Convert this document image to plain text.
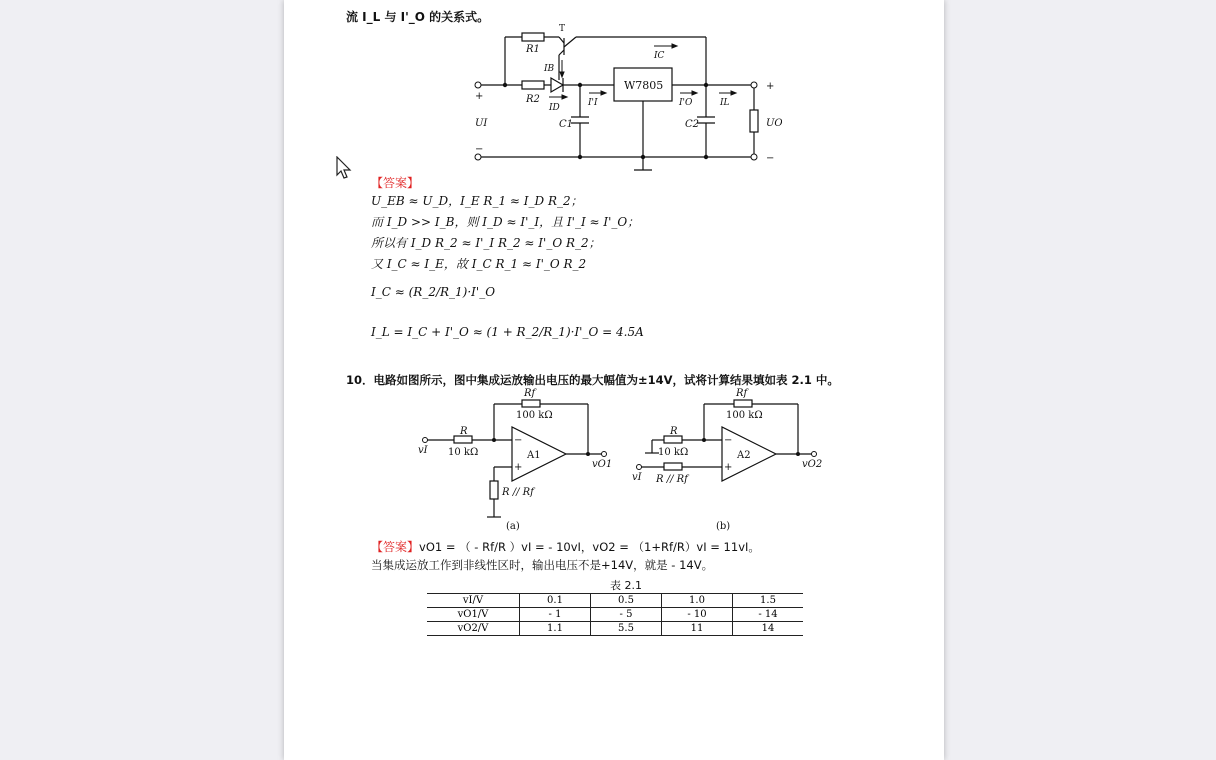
流 I_L 与 I'_O 的关系式。
T
R1
R2
IB
ID
IC
I'I	I'O	IL
W7805
C1	C2
UI	UO
+
−
+
−
【答案】
U_EB ≈ U_D，I_E R_1 ≈ I_D R_2；
而 I_D >> I_B，则 I_D ≈ I'_I，且 I'_I ≈ I'_O；
所以有 I_D R_2 ≈ I'_I R_2 ≈ I'_O R_2；
又 I_C ≈ I_E，故 I_C R_1 ≈ I'_O R_2
I_C ≈ (R_2/R_1)·I'_O
I_L = I_C + I'_O ≈ (1 + R_2/R_1)·I'_O = 4.5A
10．电路如图所示，图中集成运放输出电压的最大幅值为±14V，试将计算结果填如表 2.1 中。
−
+
−
+
Rf
100 kΩ
R
10 kΩ	A1
vI
vO1
R // Rf
(a)
Rf
100 kΩ
R
10 kΩ	A2
vI
vO2
R // Rf
(b)
【答案】vO1 = （ - Rf/R ）vI = - 10vI，vO2 = （1+Rf/R）vI = 11vI。
当集成运放工作到非线性区时，输出电压不是+14V，就是 - 14V。
表 2.1
vI/V	0.1	0.5	1.0	1.5
vO1/V	- 1	- 5	- 10	- 14
vO2/V	1.1	5.5	11	14
